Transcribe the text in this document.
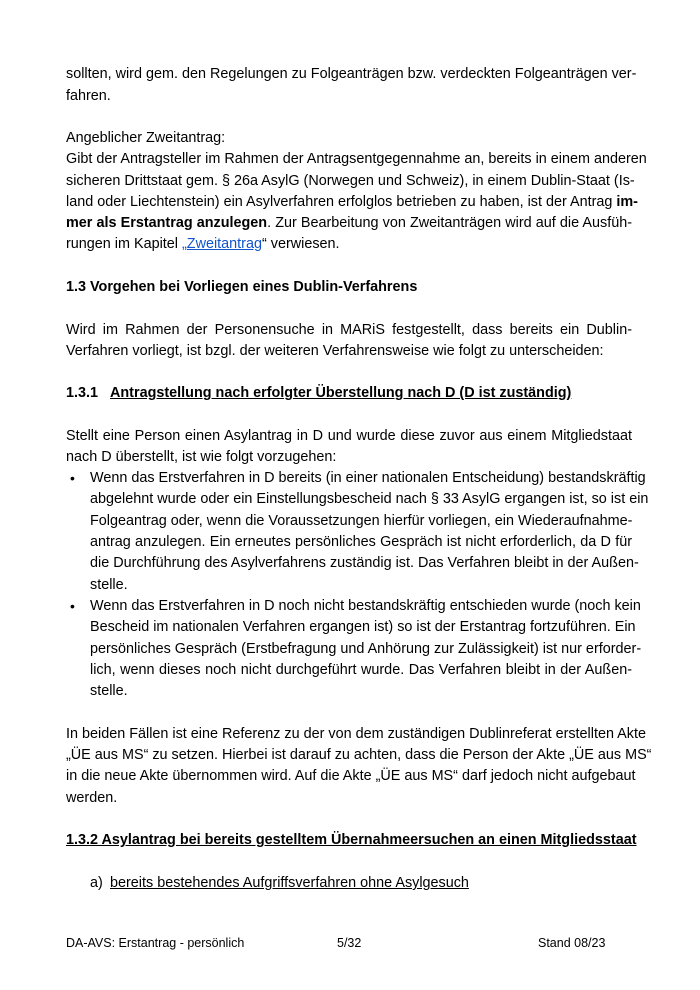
sollten, wird gem. den Regelungen zu Folgeanträgen bzw. verdeckten Folgeanträgen ver-
fahren.
Angeblicher Zweitantrag:
Gibt der Antragsteller im Rahmen der Antragsentgegennahme an, bereits in einem anderen
sicheren Drittstaat gem. § 26a AsylG (Norwegen und Schweiz), in einem Dublin-Staat (Is-
land oder Liechtenstein) ein Asylverfahren erfolglos betrieben zu haben, ist der Antrag im-
mer als Erstantrag anzulegen. Zur Bearbeitung von Zweitanträgen wird auf die Ausfüh-
rungen im Kapitel „Zweitantrag“ verwiesen.
1.3 Vorgehen bei Vorliegen eines Dublin-Verfahrens
Wird im Rahmen der Personensuche in MARiS festgestellt, dass bereits ein Dublin-
Verfahren vorliegt, ist bzgl. der weiteren Verfahrensweise wie folgt zu unterscheiden:
1.3.1 Antragstellung nach erfolgter Überstellung nach D (D ist zuständig)
Stellt eine Person einen Asylantrag in D und wurde diese zuvor aus einem Mitgliedstaat
nach D überstellt, ist wie folgt vorzugehen:
• Wenn das Erstverfahren in D bereits (in einer nationalen Entscheidung) bestandskräftig
abgelehnt wurde oder ein Einstellungsbescheid nach § 33 AsylG ergangen ist, so ist ein
Folgeantrag oder, wenn die Voraussetzungen hierfür vorliegen, ein Wiederaufnahme-
antrag anzulegen. Ein erneutes persönliches Gespräch ist nicht erforderlich, da D für
die Durchführung des Asylverfahrens zuständig ist. Das Verfahren bleibt in der Außen-
stelle.
• Wenn das Erstverfahren in D noch nicht bestandskräftig entschieden wurde (noch kein
Bescheid im nationalen Verfahren ergangen ist) so ist der Erstantrag fortzuführen. Ein
persönliches Gespräch (Erstbefragung und Anhörung zur Zulässigkeit) ist nur erforder-
lich, wenn dieses noch nicht durchgeführt wurde. Das Verfahren bleibt in der Außen-
stelle.
In beiden Fällen ist eine Referenz zu der von dem zuständigen Dublinreferat erstellten Akte
„ÜE aus MS“ zu setzen. Hierbei ist darauf zu achten, dass die Person der Akte „ÜE aus MS“
in die neue Akte übernommen wird. Auf die Akte „ÜE aus MS“ darf jedoch nicht aufgebaut
werden.
1.3.2 Asylantrag bei bereits gestelltem Übernahmeersuchen an einen Mitgliedsstaat
a) bereits bestehendes Aufgriffsverfahren ohne Asylgesuch
DA-AVS: Erstantrag - persönlich	5/32	Stand 08/23
